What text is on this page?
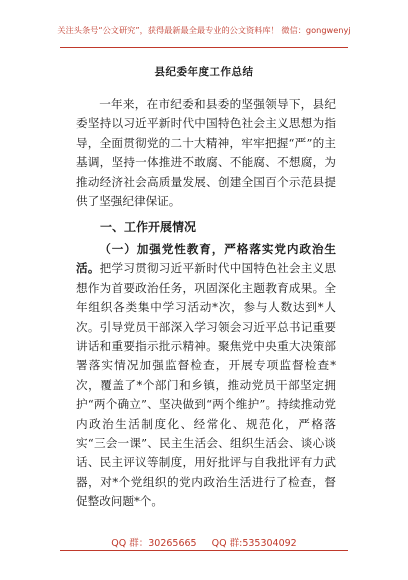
关注头条号“公文研究”，获得最新最全最专业的公文资料库！ 微信：gongwenyj
县纪委年度工作总结

一年来，在市纪委和县委的坚强领导下，县纪委坚持以习近平新时代中国特色社会主义思想为指导，全面贯彻党的二十大精神，牢牢把握“严”的主基调，坚持一体推进不敢腐、不能腐、不想腐，为推动经济社会高质量发展、创建全国百个示范县提供了坚强纪律保证。

一、工作开展情况

（一）加强党性教育，严格落实党内政治生活。把学习贯彻习近平新时代中国特色社会主义思想作为首要政治任务，巩固深化主题教育成果。全年组织各类集中学习活动*次，参与人数达到*人次。引导党员干部深入学习领会习近平总书记重要讲话和重要指示批示精神。聚焦党中央重大决策部署落实情况加强监督检查，开展专项监督检查*次，覆盖了*个部门和乡镇，推动党员干部坚定拥护“两个确立”、坚决做到“两个维护”。持续推动党内政治生活制度化、经常化、规范化，严格落实“三会一课”、民主生活会、组织生活会、谈心谈话、民主评议等制度，用好批评与自我批评有力武器，对*个党组织的党内政治生活进行了检查，督促整改问题*个。

QQ 群：30265665 QQ 群:535304092
